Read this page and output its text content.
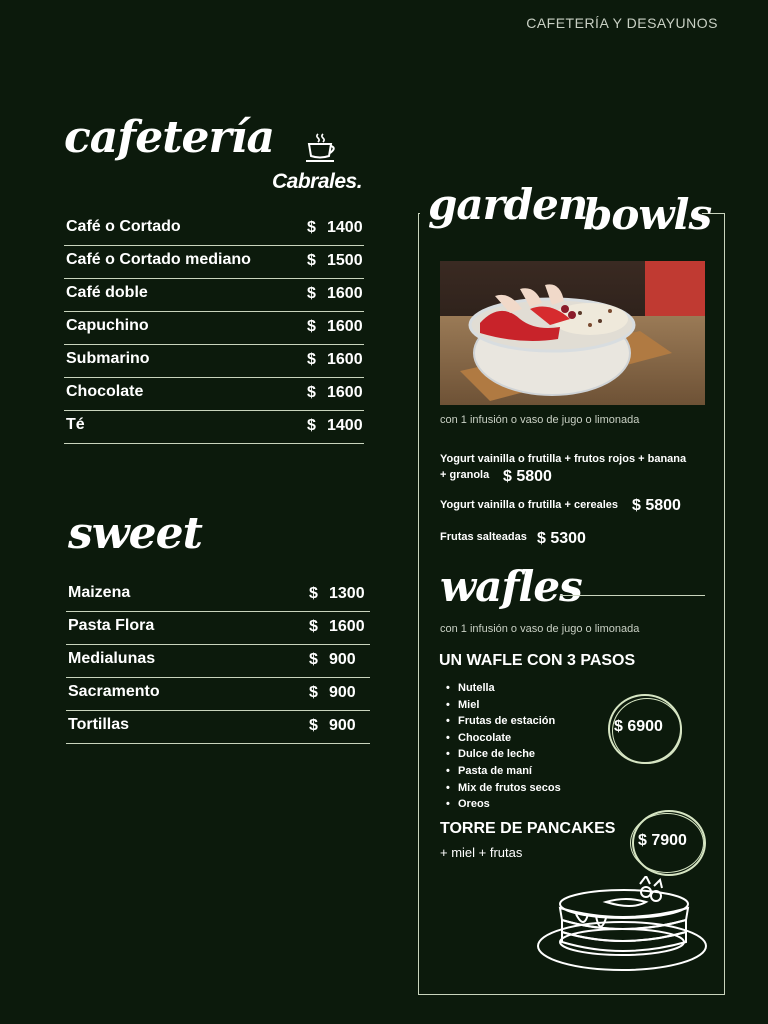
CAFETERÍA Y DESAYUNOS
cafetería
Cabrales.
Café o Cortado	$ 1400
Café o Cortado mediano	$ 1500
Café doble	$ 1600
Capuchino	$ 1600
Submarino	$ 1600
Chocolate	$ 1600
Té	$ 1400
sweet
Maizena	$ 1300
Pasta Flora	$ 1600
Medialunas	$ 900
Sacramento	$ 900
Tortillas	$ 900
garden
bowls
con 1 infusión o vaso de jugo o limonada
Yogurt vainilla o frutilla + frutos rojos + banana
+ granola $ 5800
Yogurt vainilla o frutilla + cereales $ 5800
Frutas salteadas $ 5300
wafles
con 1 infusión o vaso de jugo o limonada
UN WAFLE CON 3 PASOS
• Nutella
• Miel
• Frutas de estación
• Chocolate
• Dulce de leche
• Pasta de maní
• Mix de frutos secos
• Oreos
$ 6900
TORRE DE PANCAKES
+ miel + frutas
$ 7900
